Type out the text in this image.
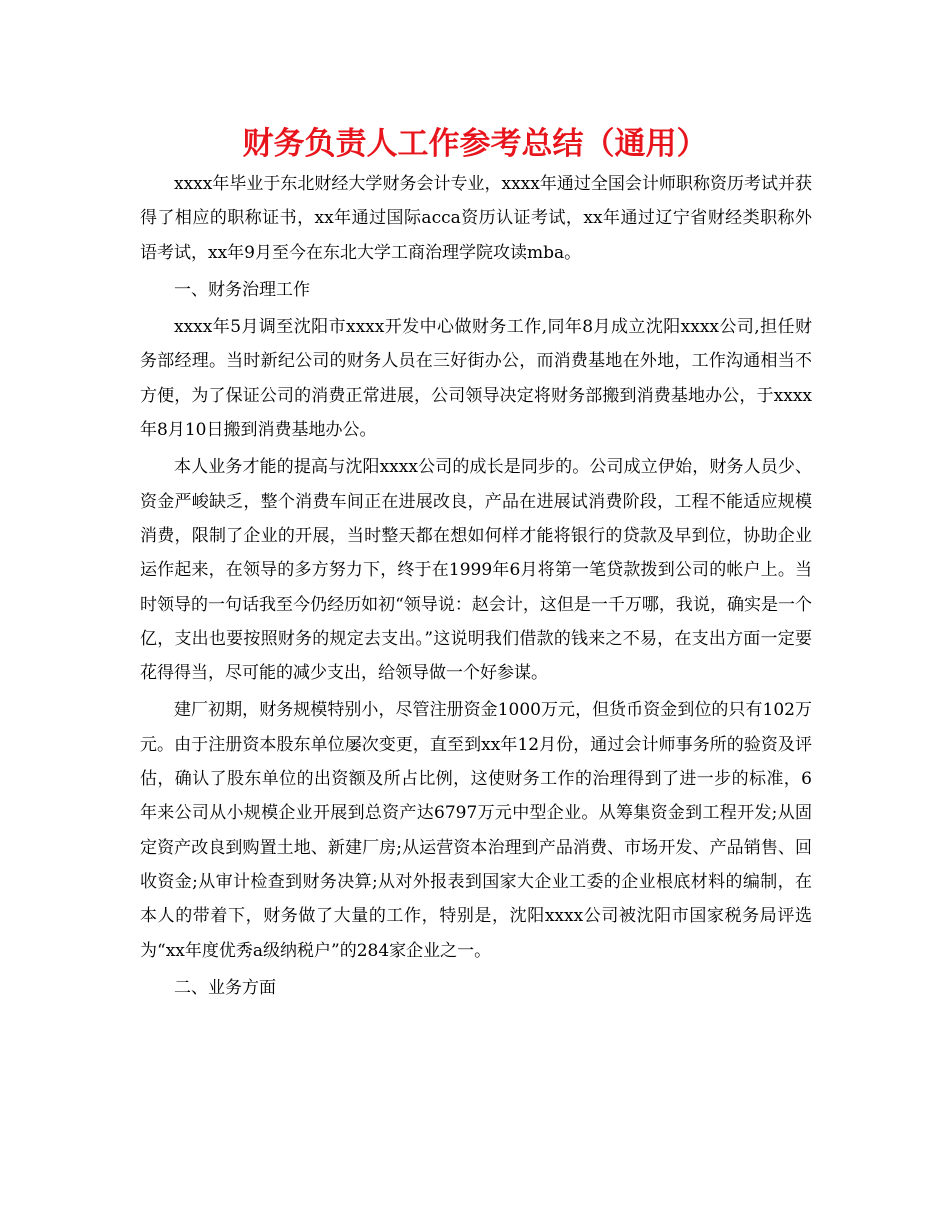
财务负责人工作参考总结（通用）

xxxx年毕业于东北财经大学财务会计专业，xxxx年通过全国会计师职称资历考试并获得了相应的职称证书，xx年通过国际acca资历认证考试，xx年通过辽宁省财经类职称外语考试，xx年9月至今在东北大学工商治理学院攻读mba。

一、财务治理工作

xxxx年5月调至沈阳市xxxx开发中心做财务工作,同年8月成立沈阳xxxx公司,担任财务部经理。当时新纪公司的财务人员在三好街办公，而消费基地在外地，工作沟通相当不方便，为了保证公司的消费正常进展，公司领导决定将财务部搬到消费基地办公，于xxxx年8月10日搬到消费基地办公。

本人业务才能的提高与沈阳xxxx公司的成长是同步的。公司成立伊始，财务人员少、资金严峻缺乏，整个消费车间正在进展改良，产品在进展试消费阶段，工程不能适应规模消费，限制了企业的开展，当时整天都在想如何样才能将银行的贷款及早到位，协助企业运作起来，在领导的多方努力下，终于在1999年6月将第一笔贷款拨到公司的帐户上。当时领导的一句话我至今仍经历如初“领导说：赵会计，这但是一千万哪，我说，确实是一个亿，支出也要按照财务的规定去支出。”这说明我们借款的钱来之不易，在支出方面一定要花得得当，尽可能的减少支出，给领导做一个好参谋。

建厂初期，财务规模特别小，尽管注册资金1000万元，但货币资金到位的只有102万元。由于注册资本股东单位屡次变更，直至到xx年12月份，通过会计师事务所的验资及评估，确认了股东单位的出资额及所占比例，这使财务工作的治理得到了进一步的标准，6年来公司从小规模企业开展到总资产达6797万元中型企业。从筹集资金到工程开发;从固定资产改良到购置土地、新建厂房;从运营资本治理到产品消费、市场开发、产品销售、回收资金;从审计检查到财务决算;从对外报表到国家大企业工委的企业根底材料的编制，在本人的带着下，财务做了大量的工作，特别是，沈阳xxxx公司被沈阳市国家税务局评选为“xx年度优秀a级纳税户”的284家企业之一。

二、业务方面
